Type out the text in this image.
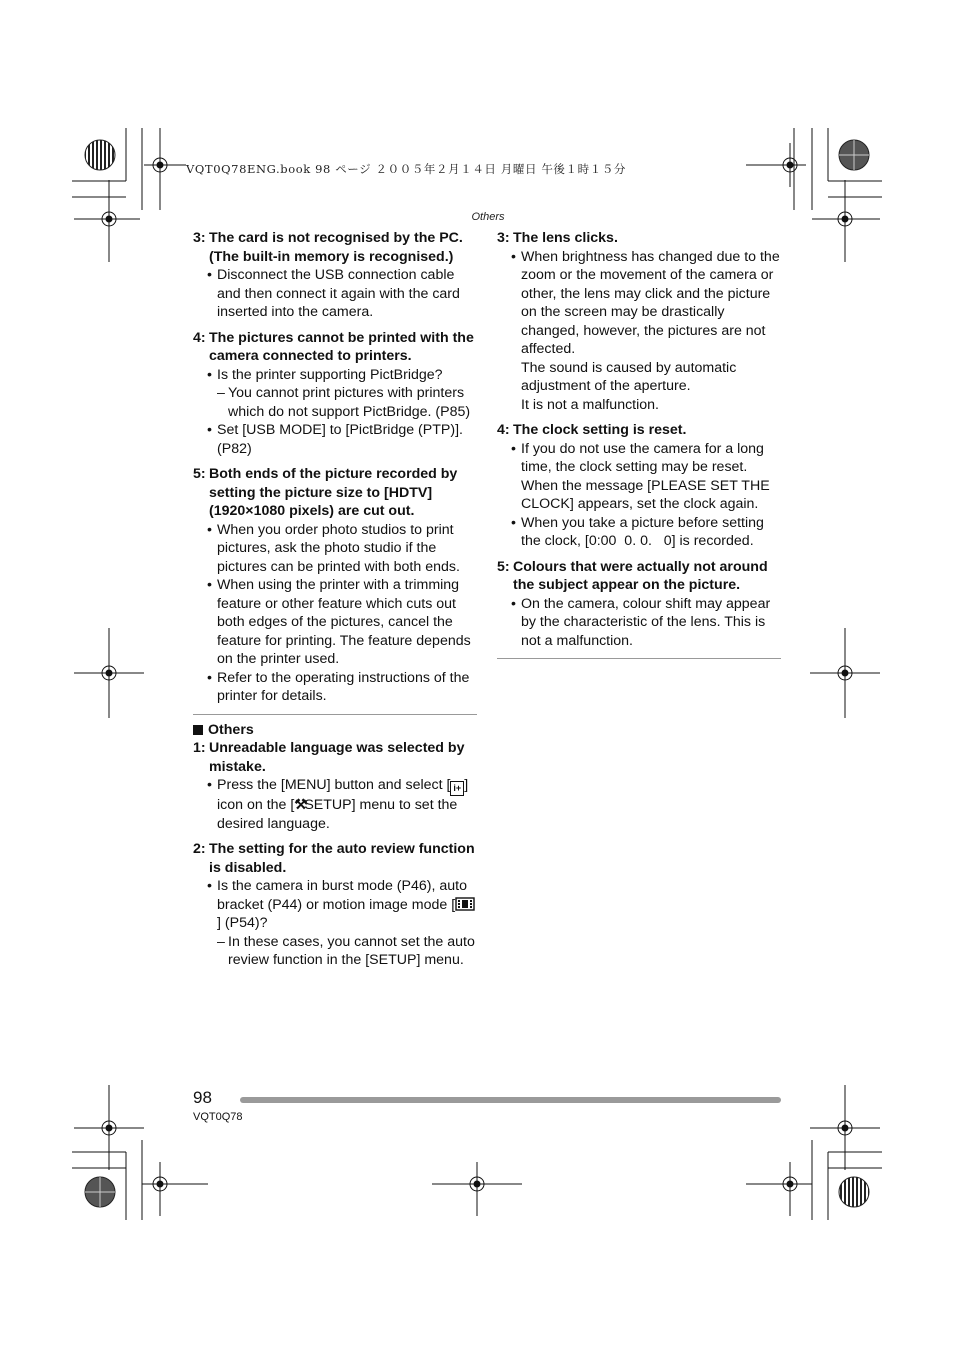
VQT0Q78ENG.book 98 ページ ２００５年２月１４日 月曜日 午後１時１５分
Others
3: The card is not recognised by the PC. (The built-in memory is recognised.)
• Disconnect the USB connection cable and then connect it again with the card inserted into the camera.
4: The pictures cannot be printed with the camera connected to printers.
• Is the printer supporting PictBridge?
– You cannot print pictures with printers which do not support PictBridge. (P85)
• Set [USB MODE] to [PictBridge (PTP)]. (P82)
5: Both ends of the picture recorded by setting the picture size to [HDTV] (1920×1080 pixels) are cut out.
• When you order photo studios to print pictures, ask the photo studio if the pictures can be printed with both ends.
• When using the printer with a trimming feature or other feature which cuts out both edges of the pictures, cancel the feature for printing. The feature depends on the printer used.
• Refer to the operating instructions of the printer for details.
Others
1: Unreadable language was selected by mistake.
• Press the [MENU] button and select [ i+ ] icon on the [⚒SETUP] menu to set the desired language.
2: The setting for the auto review function is disabled.
• Is the camera in burst mode (P46), auto bracket (P44) or motion image mode [] (P54)?
– In these cases, you cannot set the auto review function in the [SETUP] menu.
3: The lens clicks.
• When brightness has changed due to the zoom or the movement of the camera or other, the lens may click and the picture on the screen may be drastically changed, however, the pictures are not affected.
The sound is caused by automatic adjustment of the aperture.
It is not a malfunction.
4: The clock setting is reset.
• If you do not use the camera for a long time, the clock setting may be reset. When the message [PLEASE SET THE CLOCK] appears, set the clock again.
• When you take a picture before setting the clock, [0:00  0. 0.   0] is recorded.
5: Colours that were actually not around the subject appear on the picture.
• On the camera, colour shift may appear by the characteristic of the lens. This is not a malfunction.
98
VQT0Q78
